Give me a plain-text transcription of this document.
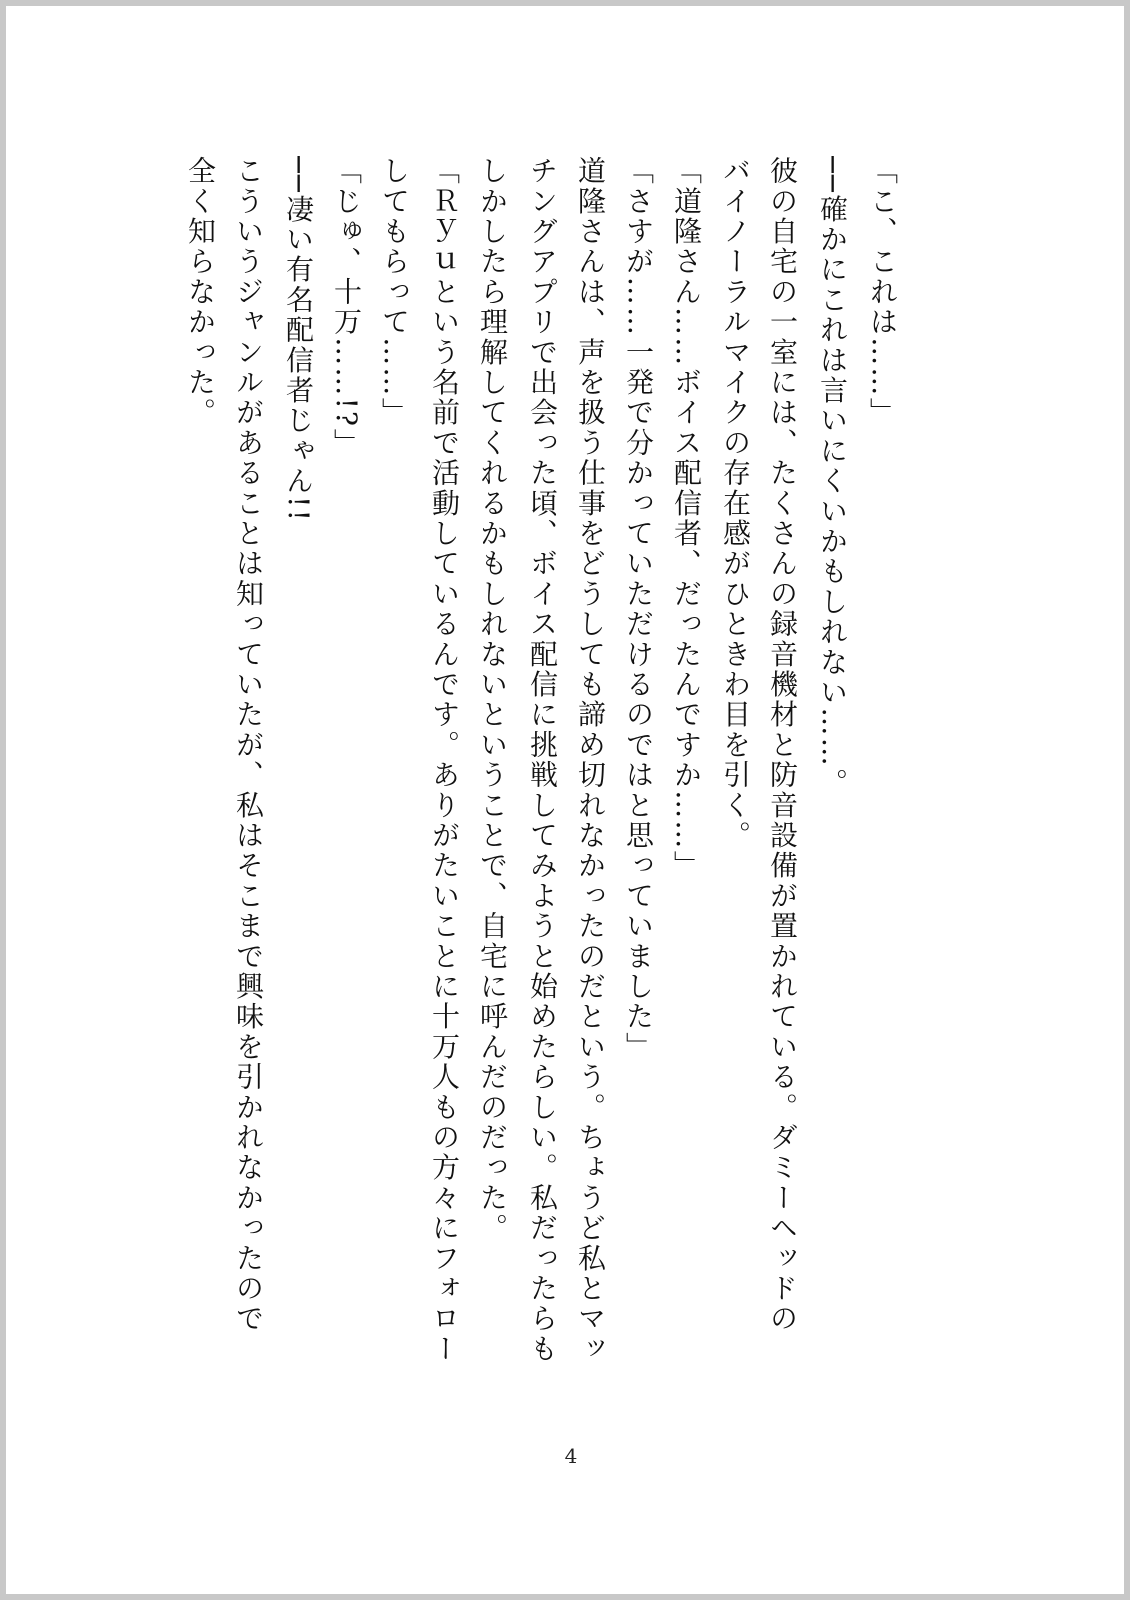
「こ、これは……」
──確かにこれは言いにくいかもしれない……。
彼の自宅の一室には、たくさんの録音機材と防音設備が置かれている。ダミーヘッドの
バイノーラルマイクの存在感がひときわ目を引く。
「道隆さん……ボイス配信者、だったんですか……」
「さすが……一発で分かっていただけるのではと思っていました」
道隆さんは、声を扱う仕事をどうしても諦め切れなかったのだという。ちょうど私とマッ
チングアプリで出会った頃、ボイス配信に挑戦してみようと始めたらしい。私だったらも
しかしたら理解してくれるかもしれないということで、自宅に呼んだのだった。
「Ｒｙｕという名前で活動しているんです。ありがたいことに十万人もの方々にフォロー
してもらって……」
「じゅ、十万……!?」
──凄い有名配信者じゃん!!
こういうジャンルがあることは知っていたが、私はそこまで興味を引かれなかったので
全く知らなかった。
4
